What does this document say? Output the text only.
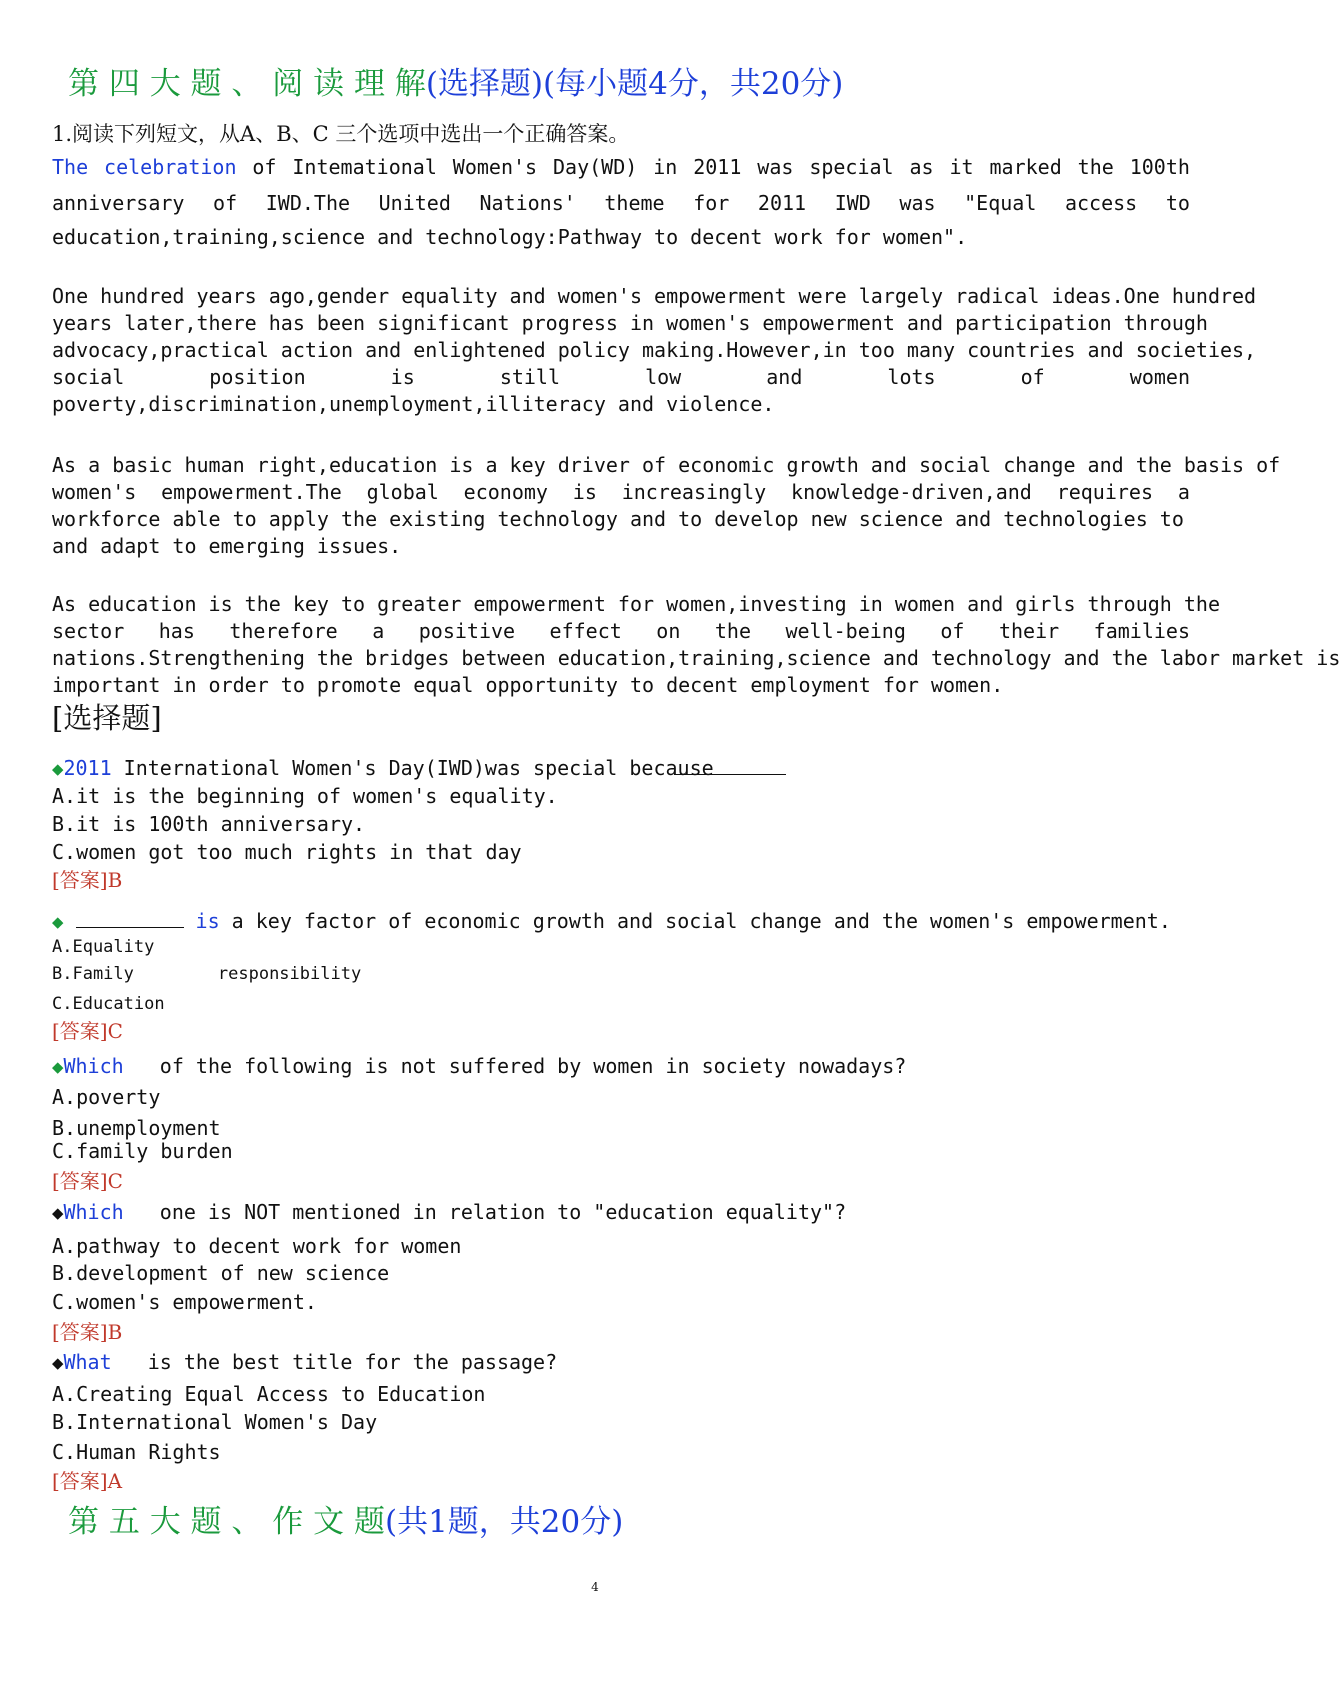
第 四 大 题 、 阅 读 理 解(选择题)(每小题4分，共20分)
1.阅读下列短文，从A、B、C 三个选项中选出一个正确答案。
The celebration of Intemational Women's Day(WD) in 2011 was special as it marked the 100th
anniversary of IWD.The United Nations' theme for 2011 IWD was "Equal access to
education,training,science and technology:Pathway to decent work for women".
One hundred years ago,gender equality and women's empowerment were largely radical ideas.One hundred
years later,there has been significant progress in women's empowerment and participation through
advocacy,practical action and enlightened policy making.However,in too many countries and societies,
social	position	is	still	low	and	lots	of	women
poverty,discrimination,unemployment,illiteracy and violence.
As a basic human right,education is a key driver of economic growth and social change and the basis of
women's empowerment.The global economy is increasingly knowledge-driven,and requires a
workforce able to apply the existing technology and to develop new science and technologies to
and adapt to emerging issues.
As education is the key to greater empowerment for women,investing in women and girls through the
sector has therefore a positive effect on the well-being of their families
nations.Strengthening the bridges between education,training,science and technology and the labor market is
important in order to promote equal opportunity to decent employment for women.
[选择题]
◆2011 International Women's Day(IWD)was special because
A.it is the beginning of women's equality.
B.it is 100th anniversary.
C.women got too much rights in that day
[答案]B
◆	is a key factor of economic growth and social change and the women's empowerment.
A.Equality
B.Family	responsibility
C.Education
[答案]C
◆Which   of the following is not suffered by women in society nowadays?
A.poverty
B.unemployment
C.family burden
[答案]C
◆Which   one is NOT mentioned in relation to "education equality"?
A.pathway to decent work for women
B.development of new science
C.women's empowerment.
[答案]B
◆What   is the best title for the passage?
A.Creating Equal Access to Education
B.International Women's Day
C.Human Rights
[答案]A
第 五 大 题 、 作 文 题(共1题，共20分)
4
